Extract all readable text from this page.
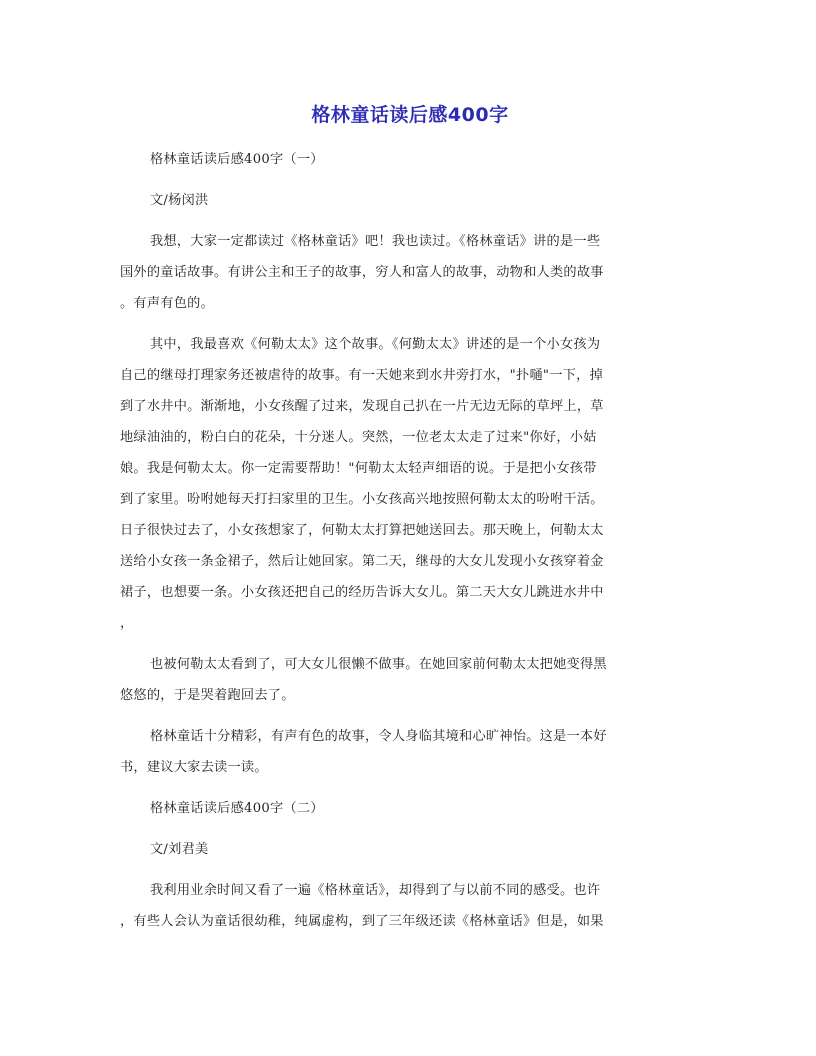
格林童话读后感400字

格林童话读后感400字（一）

文/杨闵洪

我想，大家一定都读过《格林童话》吧！我也读过。《格林童话》讲的是一些

国外的童话故事。有讲公主和王子的故事，穷人和富人的故事，动物和人类的故事

。有声有色的。

其中，我最喜欢《何勒太太》这个故事。《何勤太太》讲述的是一个小女孩为

自己的继母打理家务还被虐待的故事。有一天她来到水井旁打水，"扑嗵"一下，掉

到了水井中。渐渐地，小女孩醒了过来，发现自己扒在一片无边无际的草坪上，草

地绿油油的，粉白白的花朵，十分迷人。突然，一位老太太走了过来"你好，小姑

娘。我是何勒太太。你一定需要帮助！"何勒太太轻声细语的说。于是把小女孩带

到了家里。吩咐她每天打扫家里的卫生。小女孩高兴地按照何勒太太的吩咐干活。

日子很快过去了，小女孩想家了，何勒太太打算把她送回去。那天晚上，何勒太太

送给小女孩一条金裙子，然后让她回家。第二天，继母的大女儿发现小女孩穿着金

裙子，也想要一条。小女孩还把自己的经历告诉大女儿。第二天大女儿跳进水井中

，

也被何勒太太看到了，可大女儿很懒不做事。在她回家前何勒太太把她变得黑

悠悠的，于是哭着跑回去了。

格林童话十分精彩，有声有色的故事，令人身临其境和心旷神怡。这是一本好

书，建议大家去读一读。

格林童话读后感400字（二）

文/刘君美

我利用业余时间又看了一遍《格林童话》，却得到了与以前不同的感受。也许

，有些人会认为童话很幼稚，纯属虚构，到了三年级还读《格林童话》但是，如果
